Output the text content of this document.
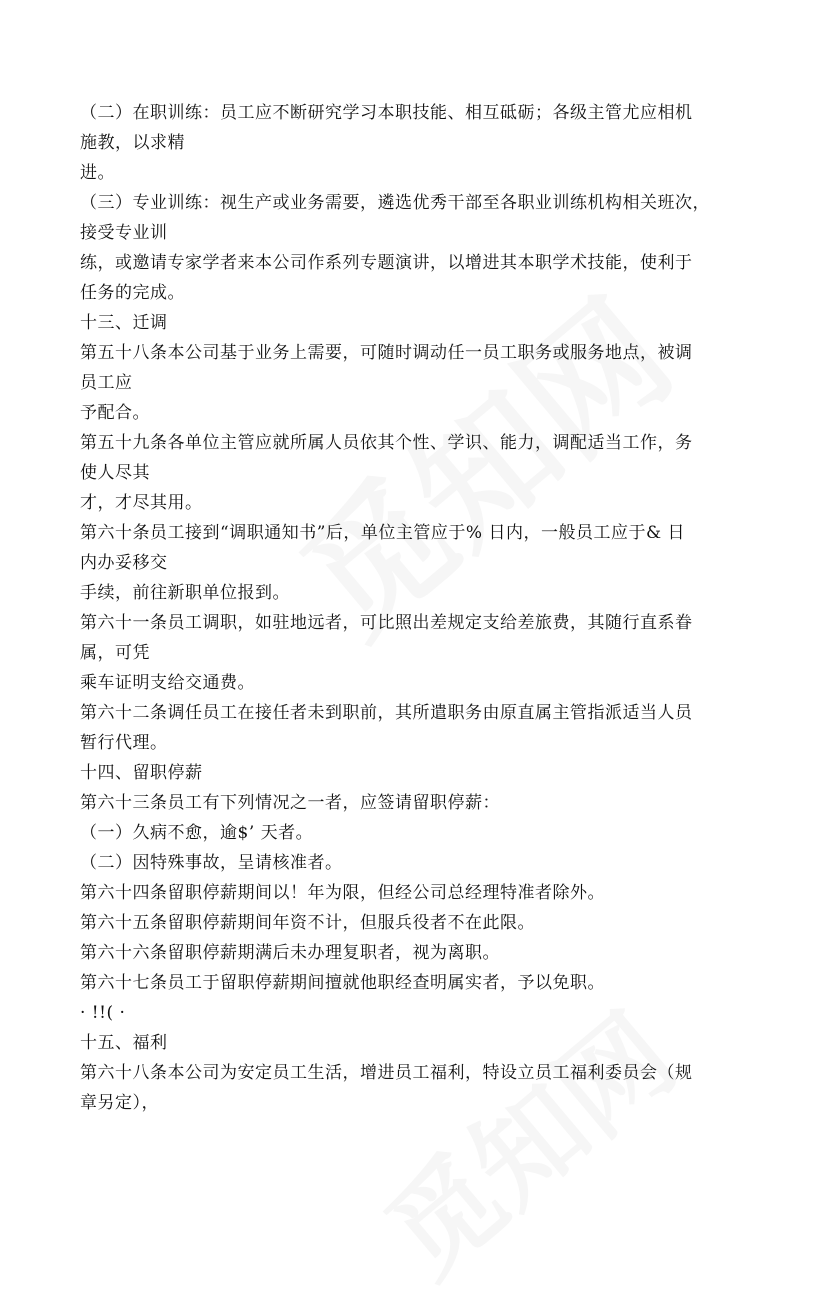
（二）在职训练：员工应不断研究学习本职技能、相互砥砺；各级主管尤应相机
施教，以求精
进。
（三）专业训练：视生产或业务需要，遴选优秀干部至各职业训练机构相关班次，
接受专业训
练，或邀请专家学者来本公司作系列专题演讲，以增进其本职学术技能，使利于
任务的完成。
十三、迁调
第五十八条本公司基于业务上需要，可随时调动任一员工职务或服务地点，被调
员工应
予配合。
第五十九条各单位主管应就所属人员依其个性、学识、能力，调配适当工作，务
使人尽其
才，才尽其用。
第六十条员工接到“调职通知书”后，单位主管应于% 日内，一般员工应于& 日
内办妥移交
手续，前往新职单位报到。
第六十一条员工调职，如驻地远者，可比照出差规定支给差旅费，其随行直系眷
属，可凭
乘车证明支给交通费。
第六十二条调任员工在接任者未到职前，其所遣职务由原直属主管指派适当人员
暂行代理。
十四、留职停薪
第六十三条员工有下列情况之一者，应签请留职停薪：
（一）久病不愈，逾$’ 天者。
（二）因特殊事故，呈请核准者。
第六十四条留职停薪期间以！年为限，但经公司总经理特准者除外。
第六十五条留职停薪期间年资不计，但服兵役者不在此限。
第六十六条留职停薪期满后未办理复职者，视为离职。
第六十七条员工于留职停薪期间擅就他职经查明属实者，予以免职。
· !!( ·
十五、福利
第六十八条本公司为安定员工生活，增进员工福利，特设立员工福利委员会（规
章另定），
